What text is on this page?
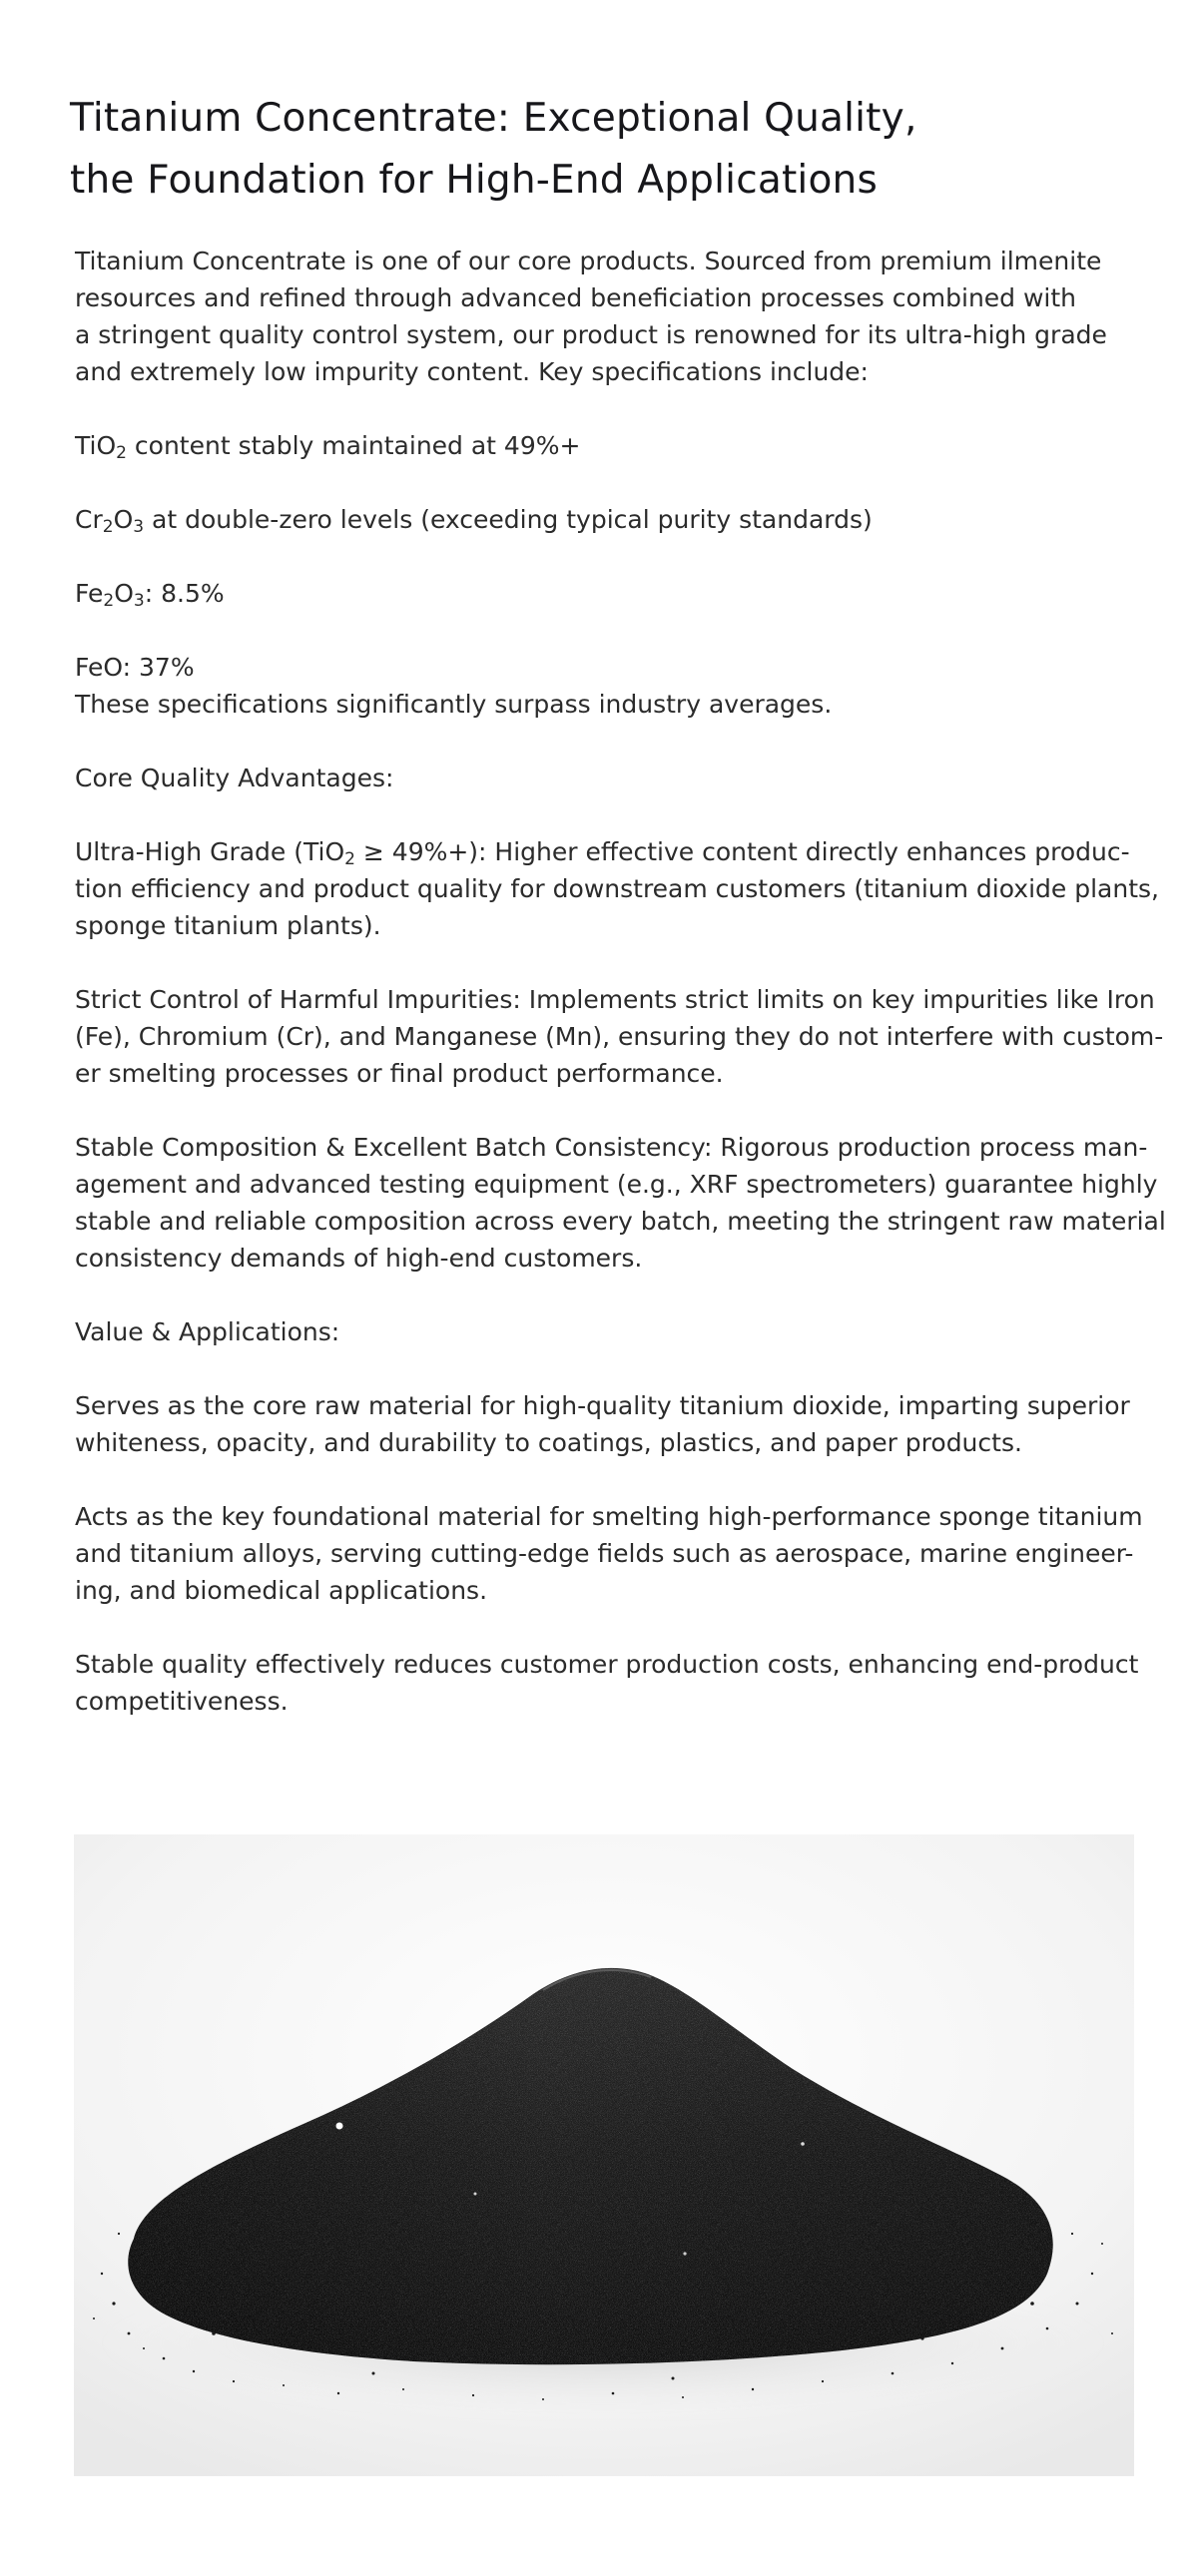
Titanium Concentrate: Exceptional Quality,
the Foundation for High-End Applications
Titanium Concentrate is one of our core products. Sourced from premium ilmenite
resources and refined through advanced beneficiation processes combined with
a stringent quality control system, our product is renowned for its ultra-high grade
and extremely low impurity content. Key specifications include:
TiO$_2$ content stably maintained at 49%+
$Cr_2O_3$ at double-zero levels (exceeding typical purity standards)
$Fe_2O_3$: 8.5%
FeO: 37%
These specifications significantly surpass industry averages.
Core Quality Advantages:
Ultra-High Grade (TiO$_2$ ≥ 49%+): Higher effective content directly enhances produc-
tion efficiency and product quality for downstream customers (titanium dioxide plants,
sponge titanium plants).
Strict Control of Harmful Impurities: Implements strict limits on key impurities like Iron
(Fe), Chromium (Cr), and Manganese (Mn), ensuring they do not interfere with custom-
er smelting processes or final product performance.
Stable Composition & Excellent Batch Consistency: Rigorous production process man-
agement and advanced testing equipment (e.g., XRF spectrometers) guarantee highly
stable and reliable composition across every batch, meeting the stringent raw material
consistency demands of high-end customers.
Value & Applications:
Serves as the core raw material for high-quality titanium dioxide, imparting superior
whiteness, opacity, and durability to coatings, plastics, and paper products.
Acts as the key foundational material for smelting high-performance sponge titanium
and titanium alloys, serving cutting-edge fields such as aerospace, marine engineer-
ing, and biomedical applications.
Stable quality effectively reduces customer production costs, enhancing end-product
competitiveness.
